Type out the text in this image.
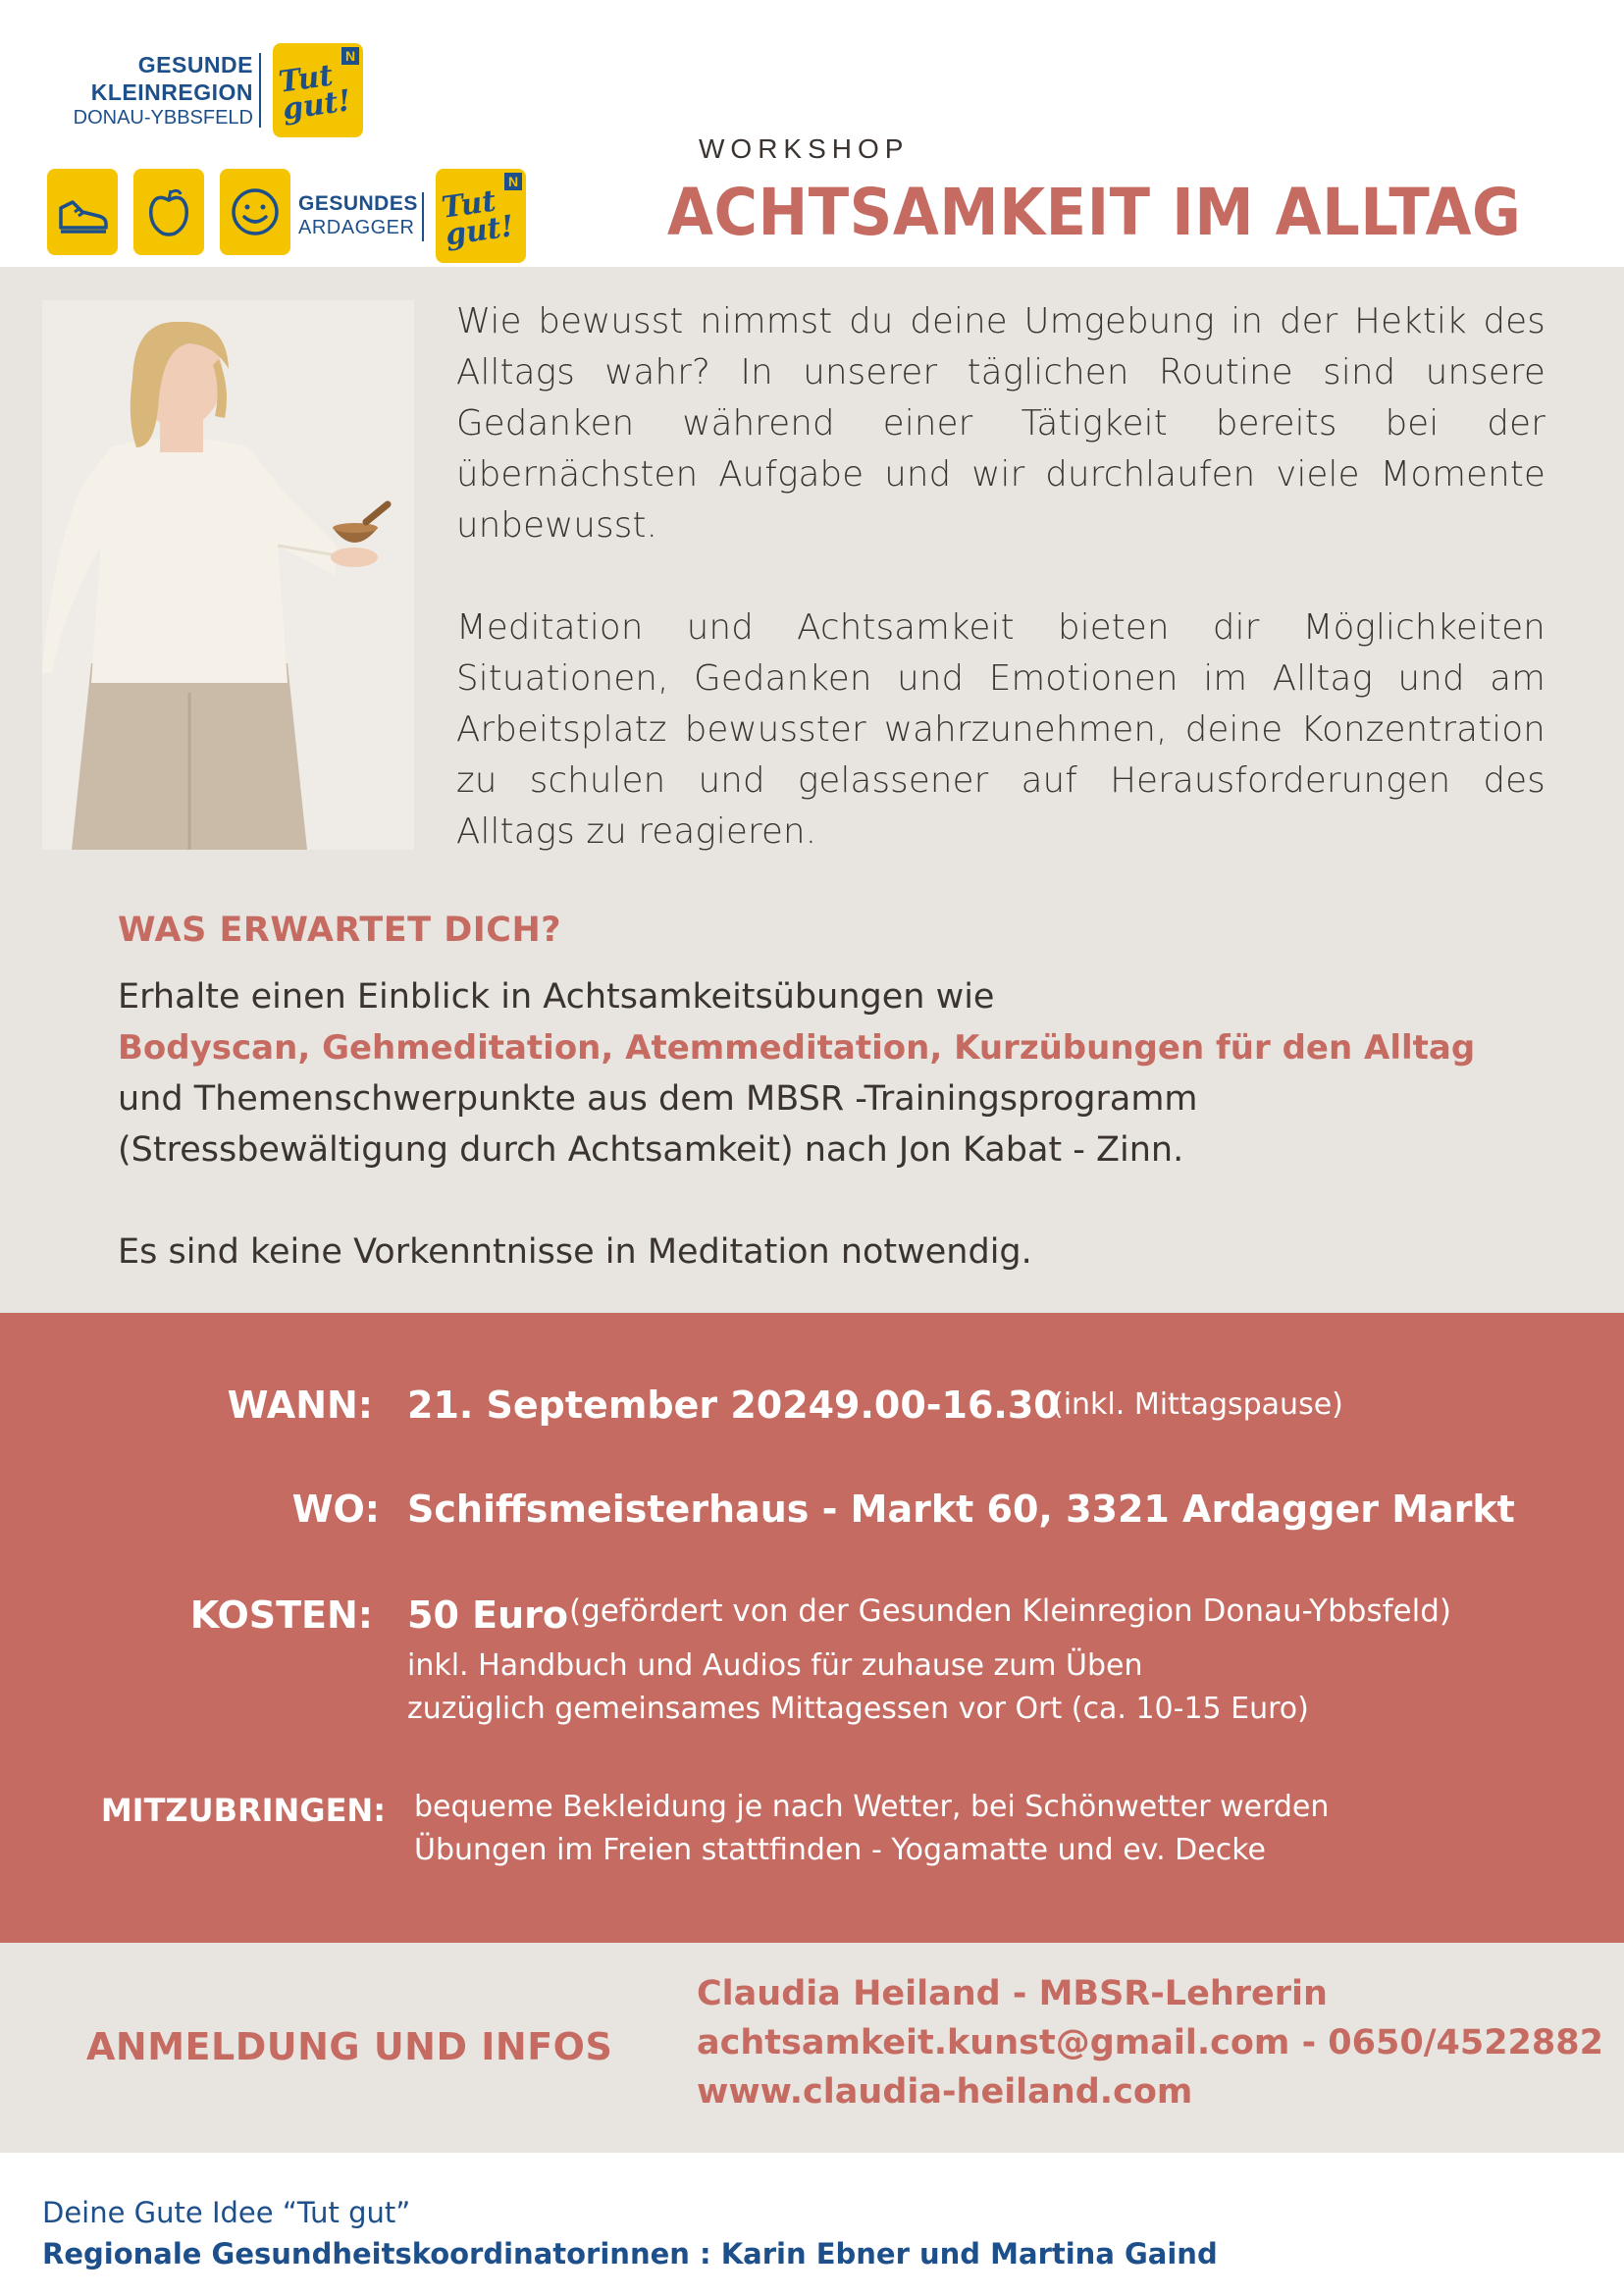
GESUNDE
KLEINREGION
DONAU-YBBSFELD
N
Tut gut!
GESUNDES
ARDAGGER
N
Tut gut!
WORKSHOP
ACHTSAMKEIT IM ALLTAG
Wie bewusst nimmst du deine Umgebung in der Hektik des Alltags wahr? In unserer täglichen Routine sind unsere Gedanken während einer Tätigkeit bereits bei der übernächsten Aufgabe und wir durchlaufen viele Momente unbewusst.
Meditation und Achtsamkeit bieten dir Möglichkeiten Situationen, Gedanken und Emotionen im Alltag und am Arbeitsplatz bewusster wahrzunehmen, deine Konzentration zu schulen und gelassener auf Herausforderungen des Alltags zu reagieren.
WAS ERWARTET DICH?
Erhalte einen Einblick in Achtsamkeitsübungen wie
Bodyscan, Gehmeditation, Atemmeditation, Kurzübungen für den Alltag
und Themenschwerpunkte aus dem MBSR -Trainingsprogramm
(Stressbewältigung durch Achtsamkeit) nach Jon Kabat - Zinn.
Es sind keine Vorkenntnisse in Meditation notwendig.
WANN: 21. September 2024 9.00-16.30
(inkl. Mittagspause)
WO: Schiffsmeisterhaus - Markt 60, 3321 Ardagger Markt
KOSTEN: 50 Euro (gefördert von der Gesunden Kleinregion Donau-Ybbsfeld)
inkl. Handbuch und Audios für zuhause zum Üben
zuzüglich gemeinsames Mittagessen vor Ort (ca. 10-15 Euro)
MITZUBRINGEN: bequeme Bekleidung je nach Wetter, bei Schönwetter werden
Übungen im Freien stattfinden - Yogamatte und ev. Decke
ANMELDUNG UND INFOS
Claudia Heiland - MBSR-Lehrerin
achtsamkeit.kunst@gmail.com - 0650/4522882
www.claudia-heiland.com
Deine Gute Idee “Tut gut”
Regionale Gesundheitskoordinatorinnen : Karin Ebner und Martina Gaind
